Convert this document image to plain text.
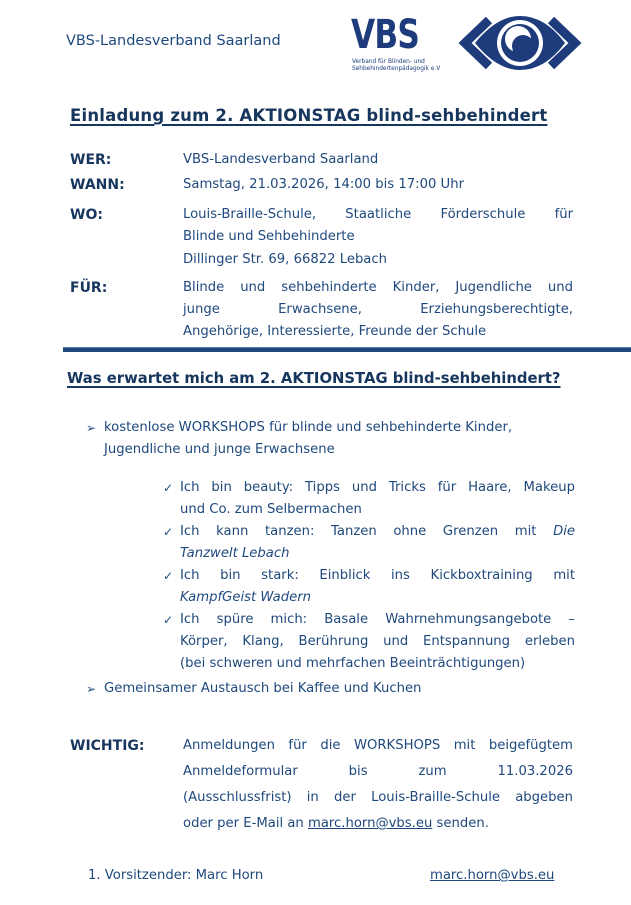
VBS-Landesverband Saarland VBS
Verband für Blinden- und
Sehbehindertenpädagogik e.V
Einladung zum 2. AKTIONSTAG blind-sehbehindert
WER:	VBS-Landesverband Saarland
WANN:	Samstag, 21.03.2026, 14:00 bis 17:00 Uhr
WO:	Louis-Braille-Schule, Staatliche Förderschule für
Blinde und Sehbehinderte
Dillinger Str. 69, 66822 Lebach
FÜR:	Blinde und sehbehinderte Kinder, Jugendliche und
junge Erwachsene, Erziehungsberechtigte,
Angehörige, Interessierte, Freunde der Schule
Was erwartet mich am 2. AKTIONSTAG blind-sehbehindert?
➢ kostenlose WORKSHOPS für blinde und sehbehinderte Kinder,
Jugendliche und junge Erwachsene
✓ Ich bin beauty: Tipps und Tricks für Haare, Makeup
und Co. zum Selbermachen
✓ Ich kann tanzen: Tanzen ohne Grenzen mit Die
Tanzwelt Lebach
✓ Ich bin stark: Einblick ins Kickboxtraining mit
KampfGeist Wadern
✓ Ich spüre mich: Basale Wahrnehmungsangebote –
Körper, Klang, Berührung und Entspannung erleben
(bei schweren und mehrfachen Beeinträchtigungen)
➢ Gemeinsamer Austausch bei Kaffee und Kuchen
WICHTIG:	Anmeldungen für die WORKSHOPS mit beigefügtem
Anmeldeformular bis zum 11.03.2026
(Ausschlussfrist) in der Louis-Braille-Schule abgeben
oder per E-Mail an marc.horn@vbs.eu senden.
1. Vorsitzender: Marc Horn	marc.horn@vbs.eu
